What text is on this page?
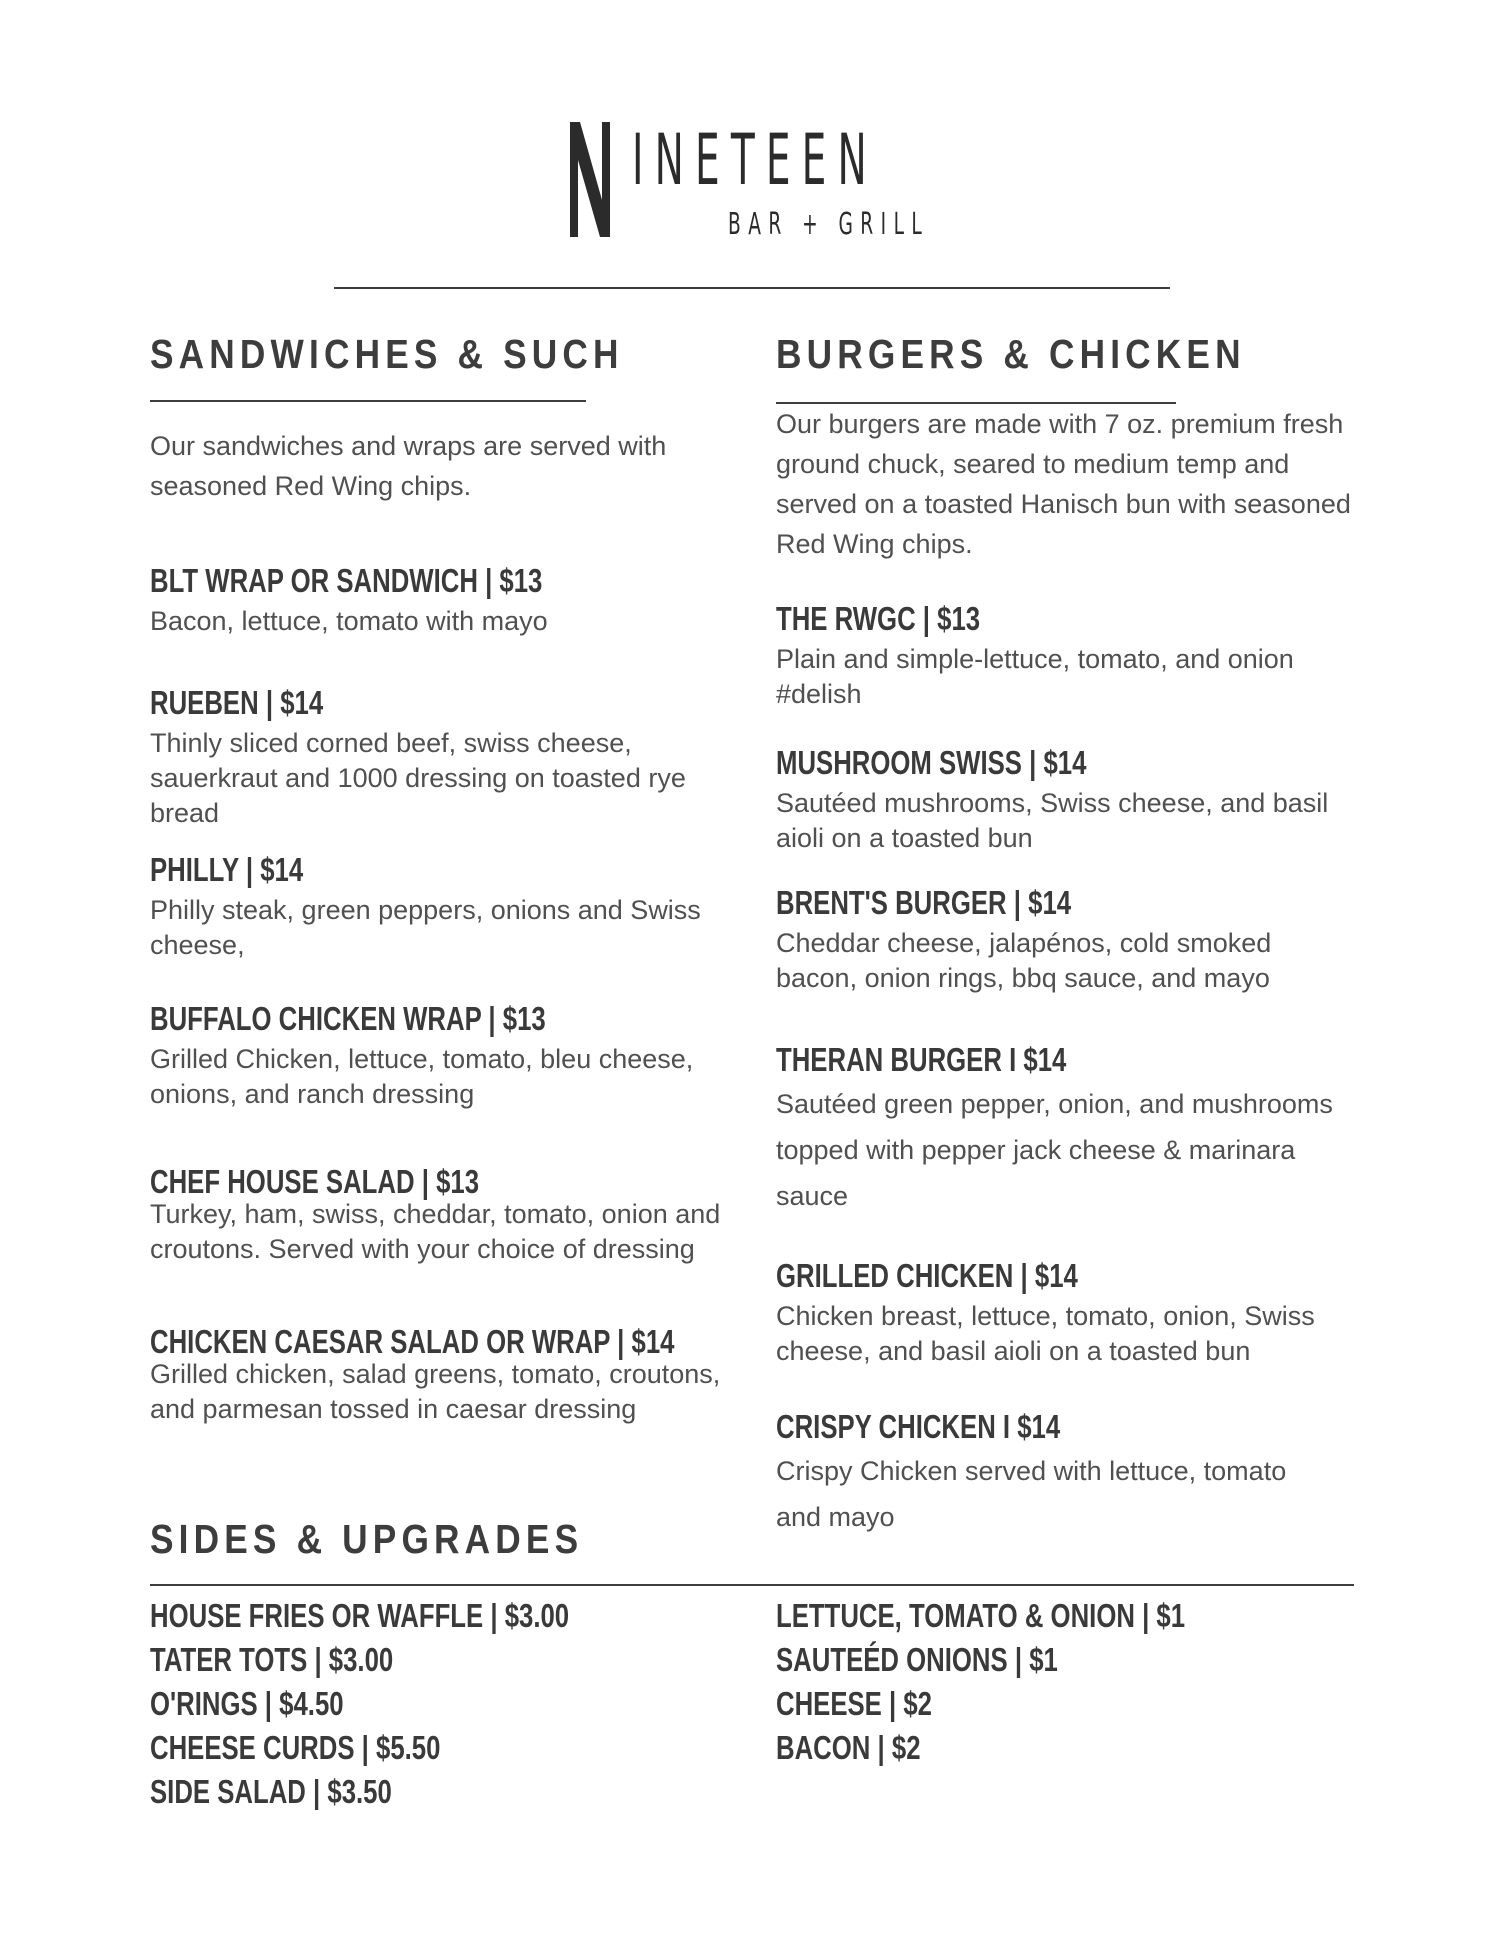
INETEEN
BAR + GRILL
SANDWICHES & SUCH
Our sandwiches and wraps are served with seasoned Red Wing chips.
BLT WRAP OR SANDWICH | $13
Bacon, lettuce, tomato with mayo
RUEBEN | $14
Thinly sliced corned beef, swiss cheese, sauerkraut and 1000 dressing on toasted rye bread
PHILLY | $14
Philly steak, green peppers, onions and Swiss cheese,
BUFFALO CHICKEN WRAP | $13
Grilled Chicken, lettuce, tomato, bleu cheese, onions, and ranch dressing
CHEF HOUSE SALAD | $13
Turkey, ham, swiss, cheddar, tomato, onion and croutons. Served with your choice of dressing
CHICKEN CAESAR SALAD OR WRAP | $14
Grilled chicken, salad greens, tomato, croutons, and parmesan tossed in caesar dressing
BURGERS & CHICKEN
Our burgers are made with 7 oz. premium fresh ground chuck, seared to medium temp and served on a toasted Hanisch bun with seasoned Red Wing chips.
THE RWGC | $13
Plain and simple-lettuce, tomato, and onion #delish
MUSHROOM SWISS | $14
Sautéed mushrooms, Swiss cheese, and basil aioli on a toasted bun
BRENT'S BURGER | $14
Cheddar cheese, jalapénos, cold smoked bacon, onion rings, bbq sauce, and mayo
THERAN BURGER I $14
Sautéed green pepper, onion, and mushrooms topped with pepper jack cheese & marinara sauce
GRILLED CHICKEN | $14
Chicken breast, lettuce, tomato, onion, Swiss cheese, and basil aioli on a toasted bun
CRISPY CHICKEN I $14
Crispy Chicken served with lettuce, tomato and mayo
SIDES & UPGRADES
HOUSE FRIES OR WAFFLE | $3.00
TATER TOTS | $3.00
O'RINGS | $4.50
CHEESE CURDS | $5.50
SIDE SALAD | $3.50
LETTUCE, TOMATO & ONION | $1
SAUTEÉD ONIONS | $1
CHEESE | $2
BACON | $2
